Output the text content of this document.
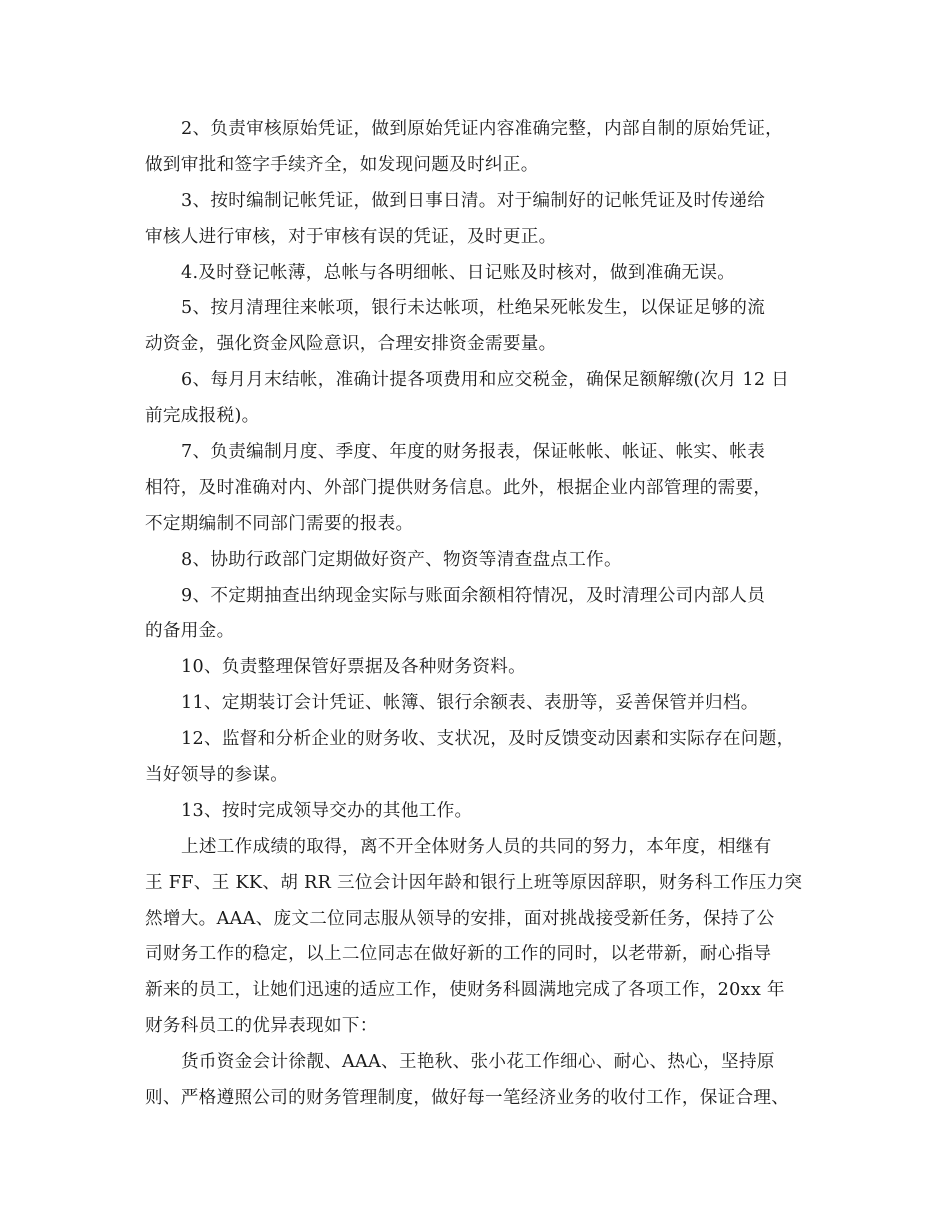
2、负责审核原始凭证，做到原始凭证内容准确完整，内部自制的原始凭证，
做到审批和签字手续齐全，如发现问题及时纠正。
3、按时编制记帐凭证，做到日事日清。对于编制好的记帐凭证及时传递给
审核人进行审核，对于审核有误的凭证，及时更正。
4.及时登记帐薄，总帐与各明细帐、日记账及时核对，做到准确无误。
5、按月清理往来帐项，银行未达帐项，杜绝呆死帐发生，以保证足够的流
动资金，强化资金风险意识，合理安排资金需要量。
6、每月月末结帐，准确计提各项费用和应交税金，确保足额解缴(次月 12 日
前完成报税)。
7、负责编制月度、季度、年度的财务报表，保证帐帐、帐证、帐实、帐表
相符，及时准确对内、外部门提供财务信息。此外，根据企业内部管理的需要，
不定期编制不同部门需要的报表。
8、协助行政部门定期做好资产、物资等清查盘点工作。
9、不定期抽查出纳现金实际与账面余额相符情况，及时清理公司内部人员
的备用金。
10、负责整理保管好票据及各种财务资料。
11、定期装订会计凭证、帐簿、银行余额表、表册等，妥善保管并归档。
12、监督和分析企业的财务收、支状况，及时反馈变动因素和实际存在问题，
当好领导的参谋。
13、按时完成领导交办的其他工作。
上述工作成绩的取得，离不开全体财务人员的共同的努力，本年度，相继有
王 FF、王 KK、胡 RR 三位会计因年龄和银行上班等原因辞职，财务科工作压力突
然增大。AAA、庞文二位同志服从领导的安排，面对挑战接受新任务，保持了公
司财务工作的稳定，以上二位同志在做好新的工作的同时，以老带新，耐心指导
新来的员工，让她们迅速的适应工作，使财务科圆满地完成了各项工作，20xx 年
财务科员工的优异表现如下：
货币资金会计徐靓、AAA、王艳秋、张小花工作细心、耐心、热心，坚持原
则、严格遵照公司的财务管理制度，做好每一笔经济业务的收付工作，保证合理、
